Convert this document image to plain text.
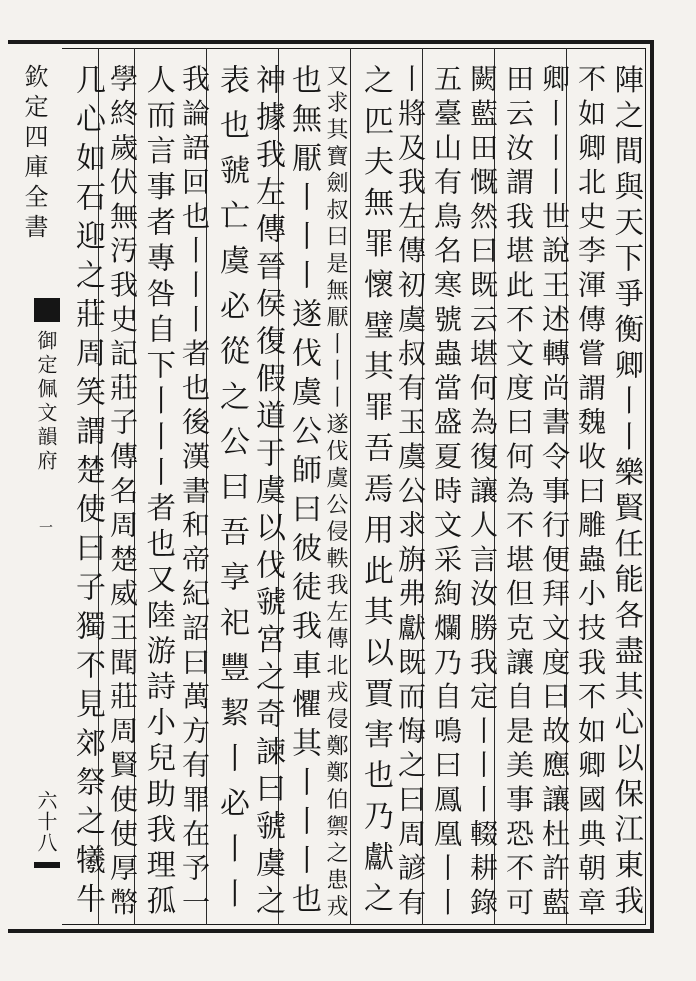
欽定四庫全書
御定佩文韻府
一
六十八	陣之間與天下爭衡卿丨丨樂賢任能各盡其心以保江東我
不如卿北史李渾傳嘗謂魏收曰雕蟲小技我不如卿國典朝章
卿丨丨丨世說王述轉尚書令事行便拜文度曰故應讓杜許藍
田云汝謂我堪此不文度曰何為不堪但克讓自是美事恐不可
闕藍田慨然曰既云堪何為復讓人言汝勝我定丨丨丨輟耕錄
五臺山有鳥名寒號蟲當盛夏時文采絢爛乃自鳴曰鳳凰丨丨
丨將及我左傳初虞叔有玉虞公求旃弗獻既而悔之曰周諺有
之匹夫無罪懷璧其罪吾焉用此其以賈害也乃獻之
又求其寶劍叔曰是無厭丨丨丨遂伐虞公侵軼我左傳北戎侵鄭鄭伯禦之患戎
也無厭丨丨丨遂伐虞公師曰彼徒我車懼其丨丨丨也
神據我左傳晉侯復假道于虞以伐虢宮之奇諫曰虢虞之
表也虢亡虞必從之公曰吾享祀豐絜丨必丨丨
我論語回也丨丨丨者也後漢書和帝紀詔曰萬方有罪在予一
人而言事者專咎自下丨丨丨者也又陸游詩小兒助我理孤
學終歲伏無汚我史記莊子傳名周楚威王聞莊周賢使使厚幣
几心如石迎之莊周笑謂楚使曰子獨不見郊祭之犧牛
